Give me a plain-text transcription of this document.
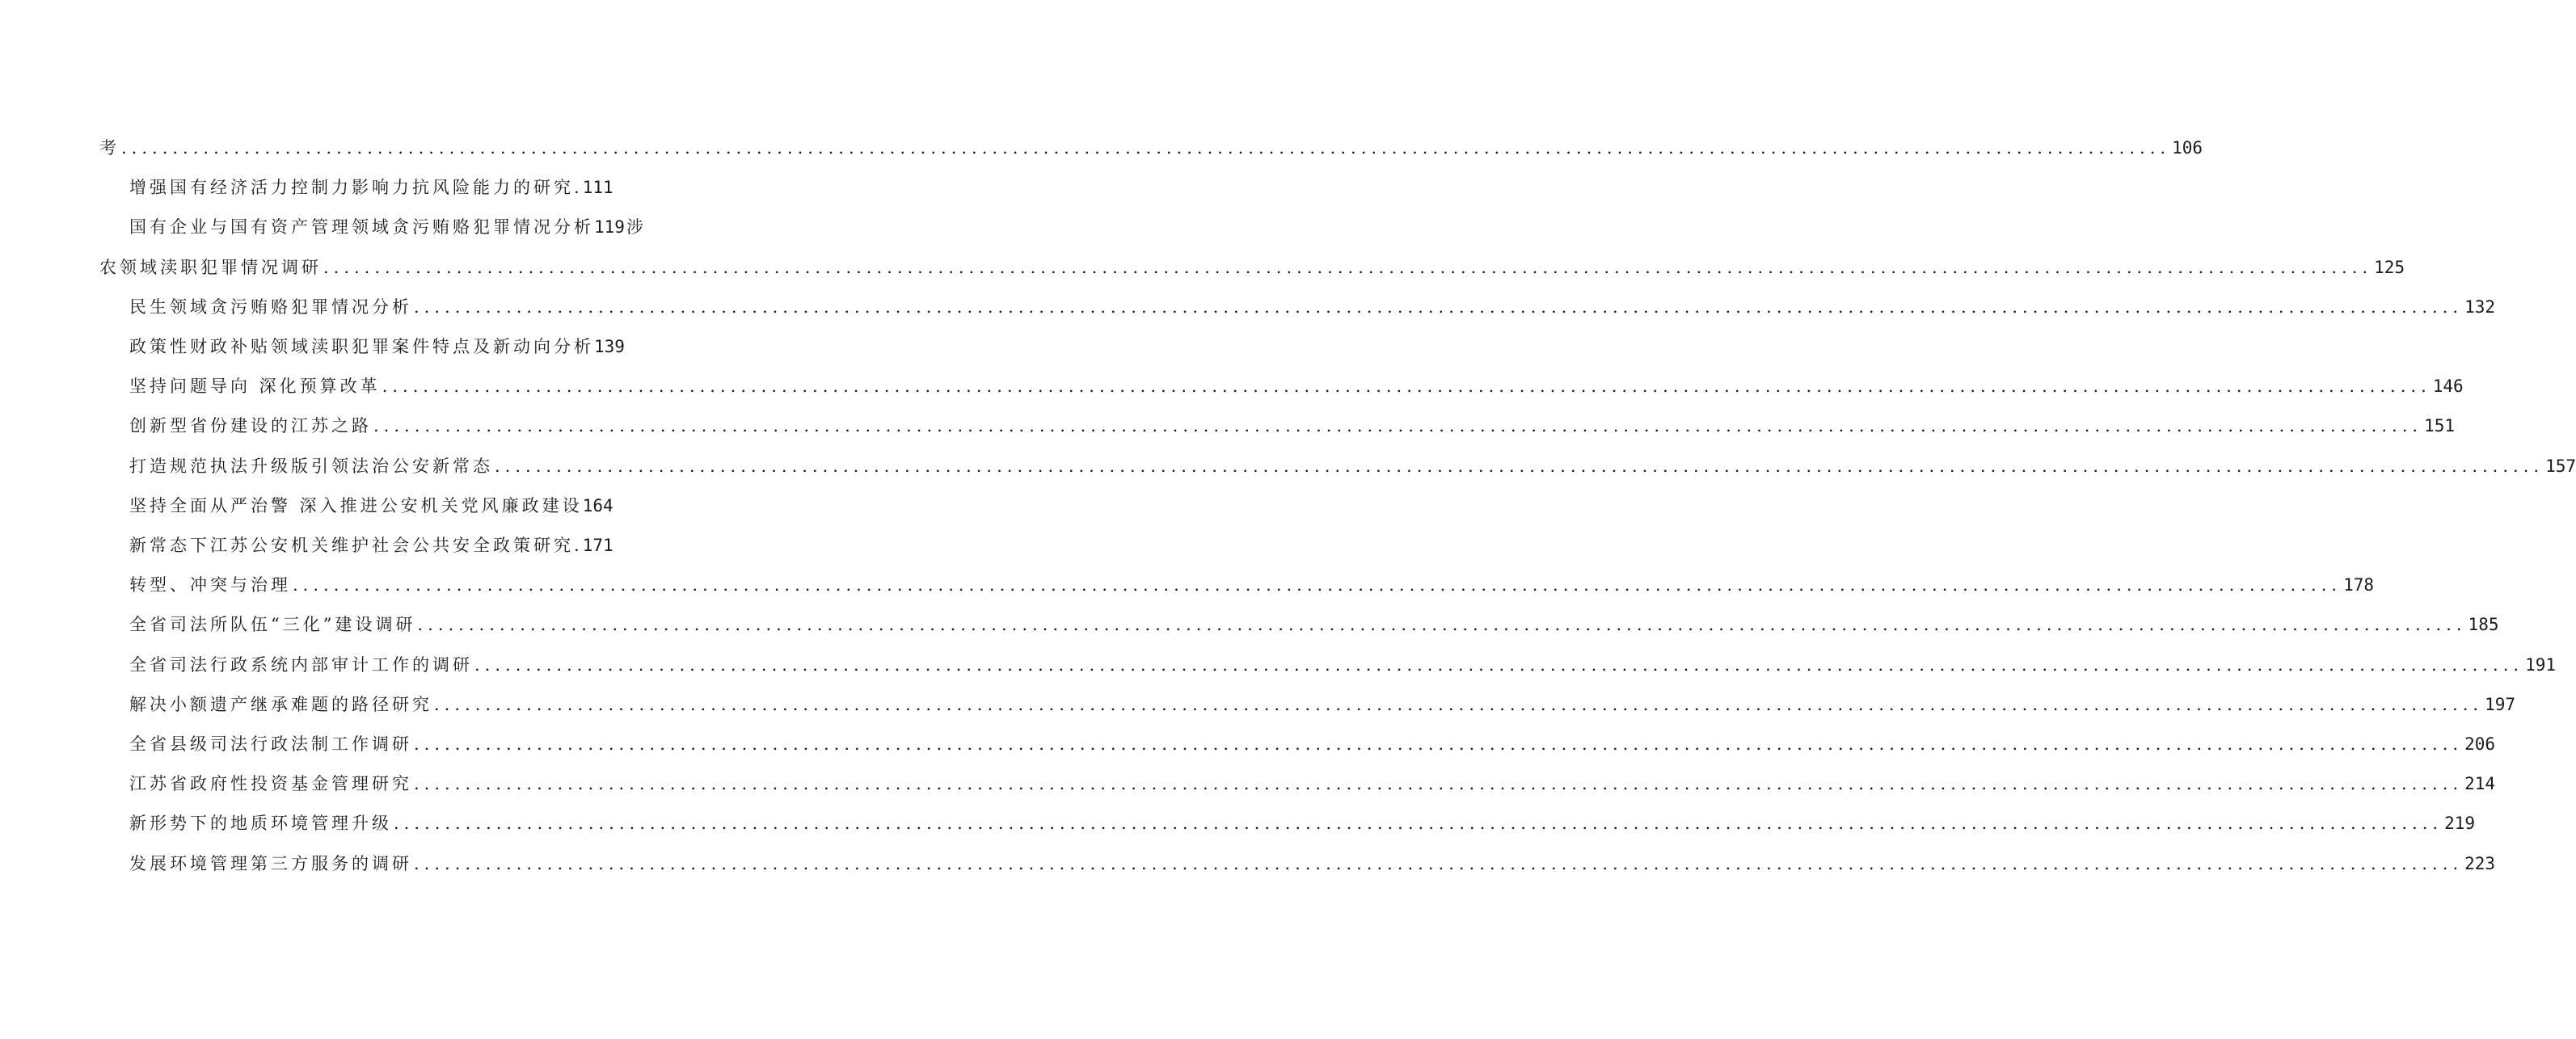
考 ........................................................................................................................................................................................................ 106
增强国有经济活力控制力影响力抗风险能力的研究. 111
国有企业与国有资产管理领域贪污贿赂犯罪情况分析 119 涉
农领域渎职犯罪情况调研 ........................................................................................................................................................................................................ 125
民生领域贪污贿赂犯罪情况分析 ........................................................................................................................................................................................................ 132
政策性财政补贴领域渎职犯罪案件特点及新动向分析 139
坚持问题导向 深化预算改革 ........................................................................................................................................................................................................ 146
创新型省份建设的江苏之路 ........................................................................................................................................................................................................ 151
打造规范执法升级版引领法治公安新常态 ........................................................................................................................................................................................................ 157
坚持全面从严治警 深入推进公安机关党风廉政建设 164
新常态下江苏公安机关维护社会公共安全政策研究. 171
转型、冲突与治理 ........................................................................................................................................................................................................ 178
全省司法所队伍“三化”建设调研 ........................................................................................................................................................................................................ 185
全省司法行政系统内部审计工作的调研 ........................................................................................................................................................................................................ 191
解决小额遗产继承难题的路径研究 ........................................................................................................................................................................................................ 197
全省县级司法行政法制工作调研 ........................................................................................................................................................................................................ 206
江苏省政府性投资基金管理研究 ........................................................................................................................................................................................................ 214
新形势下的地质环境管理升级 ........................................................................................................................................................................................................ 219
发展环境管理第三方服务的调研 ........................................................................................................................................................................................................ 223
